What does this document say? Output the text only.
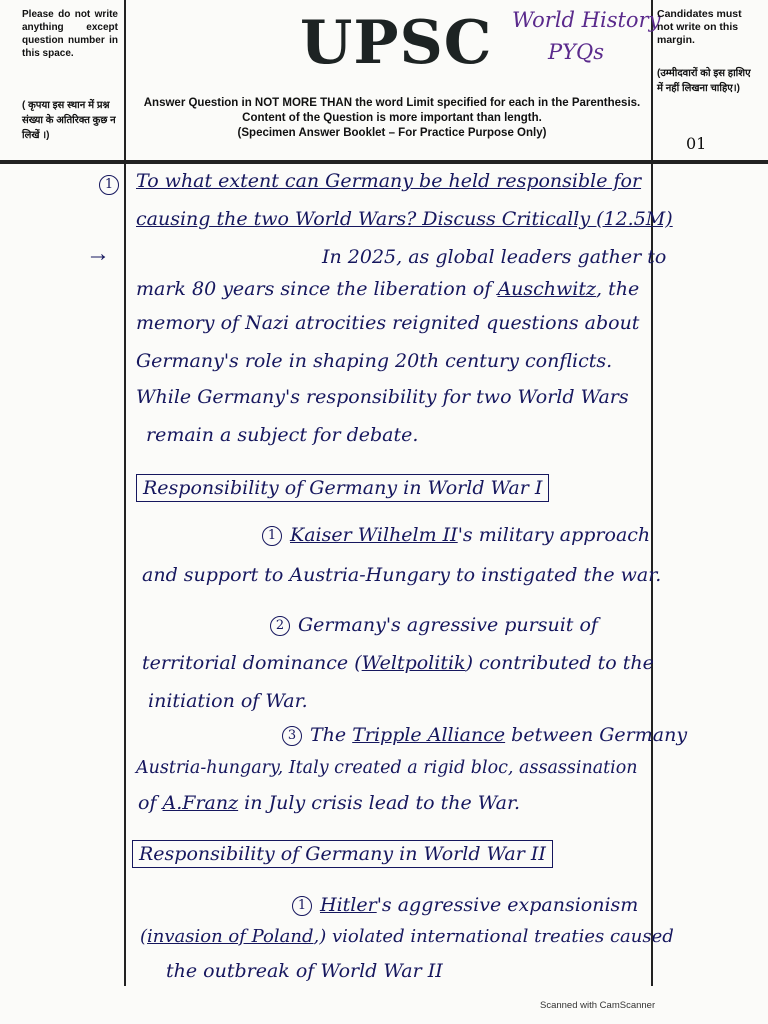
Please do not write anything except question number in this space.
( कृपया इस स्थान में प्रश्न संख्या के अतिरिक्त कुछ न लिखें ।)
UPSC World History
PYQs
Answer Question in NOT MORE THAN the word Limit specified for each in the Parenthesis.
Content of the Question is more important than length.
(Specimen Answer Booklet – For Practice Purpose Only)
Candidates must not write on this margin.
(उम्मीदवारों को इस हाशिए में नहीं लिखना चाहिए।)
01
1
→
To what extent can Germany be held responsible for
causing the two World Wars? Discuss Critically (12.5M)
In 2025, as global leaders gather to
mark 80 years since the liberation of Auschwitz, the
memory of Nazi atrocities reignited questions about
Germany's role in shaping 20th century conflicts.
While Germany's responsibility for two World Wars
remain a subject for debate.
Responsibility of Germany in World War I
1 Kaiser Wilhelm II's military approach
and support to Austria-Hungary to instigated the war.
2 Germany's agressive pursuit of
territorial dominance (Weltpolitik) contributed to the
initiation of War.
3 The Tripple Alliance between Germany
Austria-hungary, Italy created a rigid bloc, assassination
of A.Franz in July crisis lead to the War.
Responsibility of Germany in World War II
1 Hitler's aggressive expansionism
(invasion of Poland,) violated international treaties caused
the outbreak of World War II
Scanned with CamScanner
